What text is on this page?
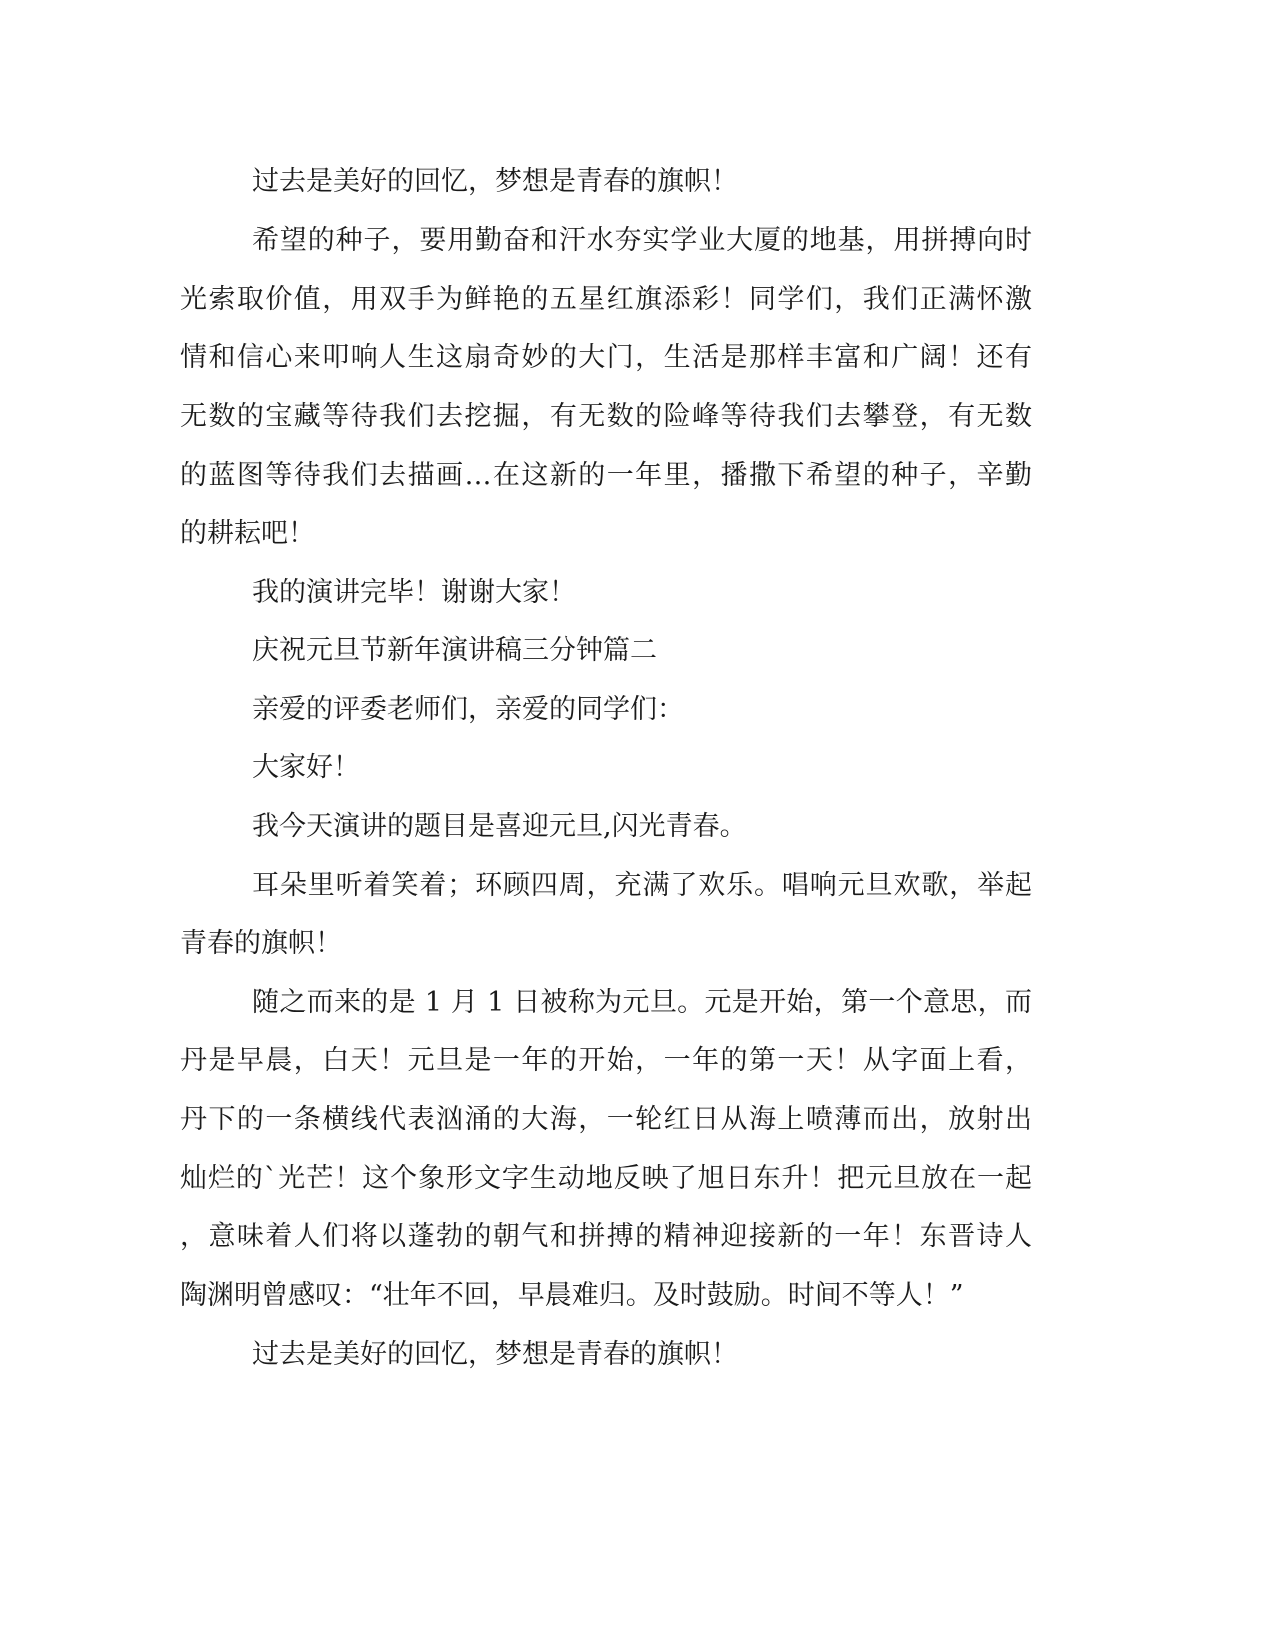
过去是美好的回忆，梦想是青春的旗帜！

希望的种子，要用勤奋和汗水夯实学业大厦的地基，用拼搏向时

光索取价值，用双手为鲜艳的五星红旗添彩！同学们，我们正满怀激

情和信心来叩响人生这扇奇妙的大门，生活是那样丰富和广阔！还有

无数的宝藏等待我们去挖掘，有无数的险峰等待我们去攀登，有无数

的蓝图等待我们去描画…在这新的一年里，播撒下希望的种子，辛勤

的耕耘吧！

我的演讲完毕！谢谢大家！

庆祝元旦节新年演讲稿三分钟篇二

亲爱的评委老师们，亲爱的同学们：

大家好！

我今天演讲的题目是喜迎元旦,闪光青春。

耳朵里听着笑着；环顾四周，充满了欢乐。唱响元旦欢歌，举起

青春的旗帜！

随之而来的是 1 月 1 日被称为元旦。元是开始，第一个意思，而

丹是早晨，白天！元旦是一年的开始，一年的第一天！从字面上看，

丹下的一条横线代表汹涌的大海，一轮红日从海上喷薄而出，放射出

灿烂的`光芒！这个象形文字生动地反映了旭日东升！把元旦放在一起

，意味着人们将以蓬勃的朝气和拼搏的精神迎接新的一年！东晋诗人

陶渊明曾感叹：“壮年不回，早晨难归。及时鼓励。时间不等人！”

过去是美好的回忆，梦想是青春的旗帜！
